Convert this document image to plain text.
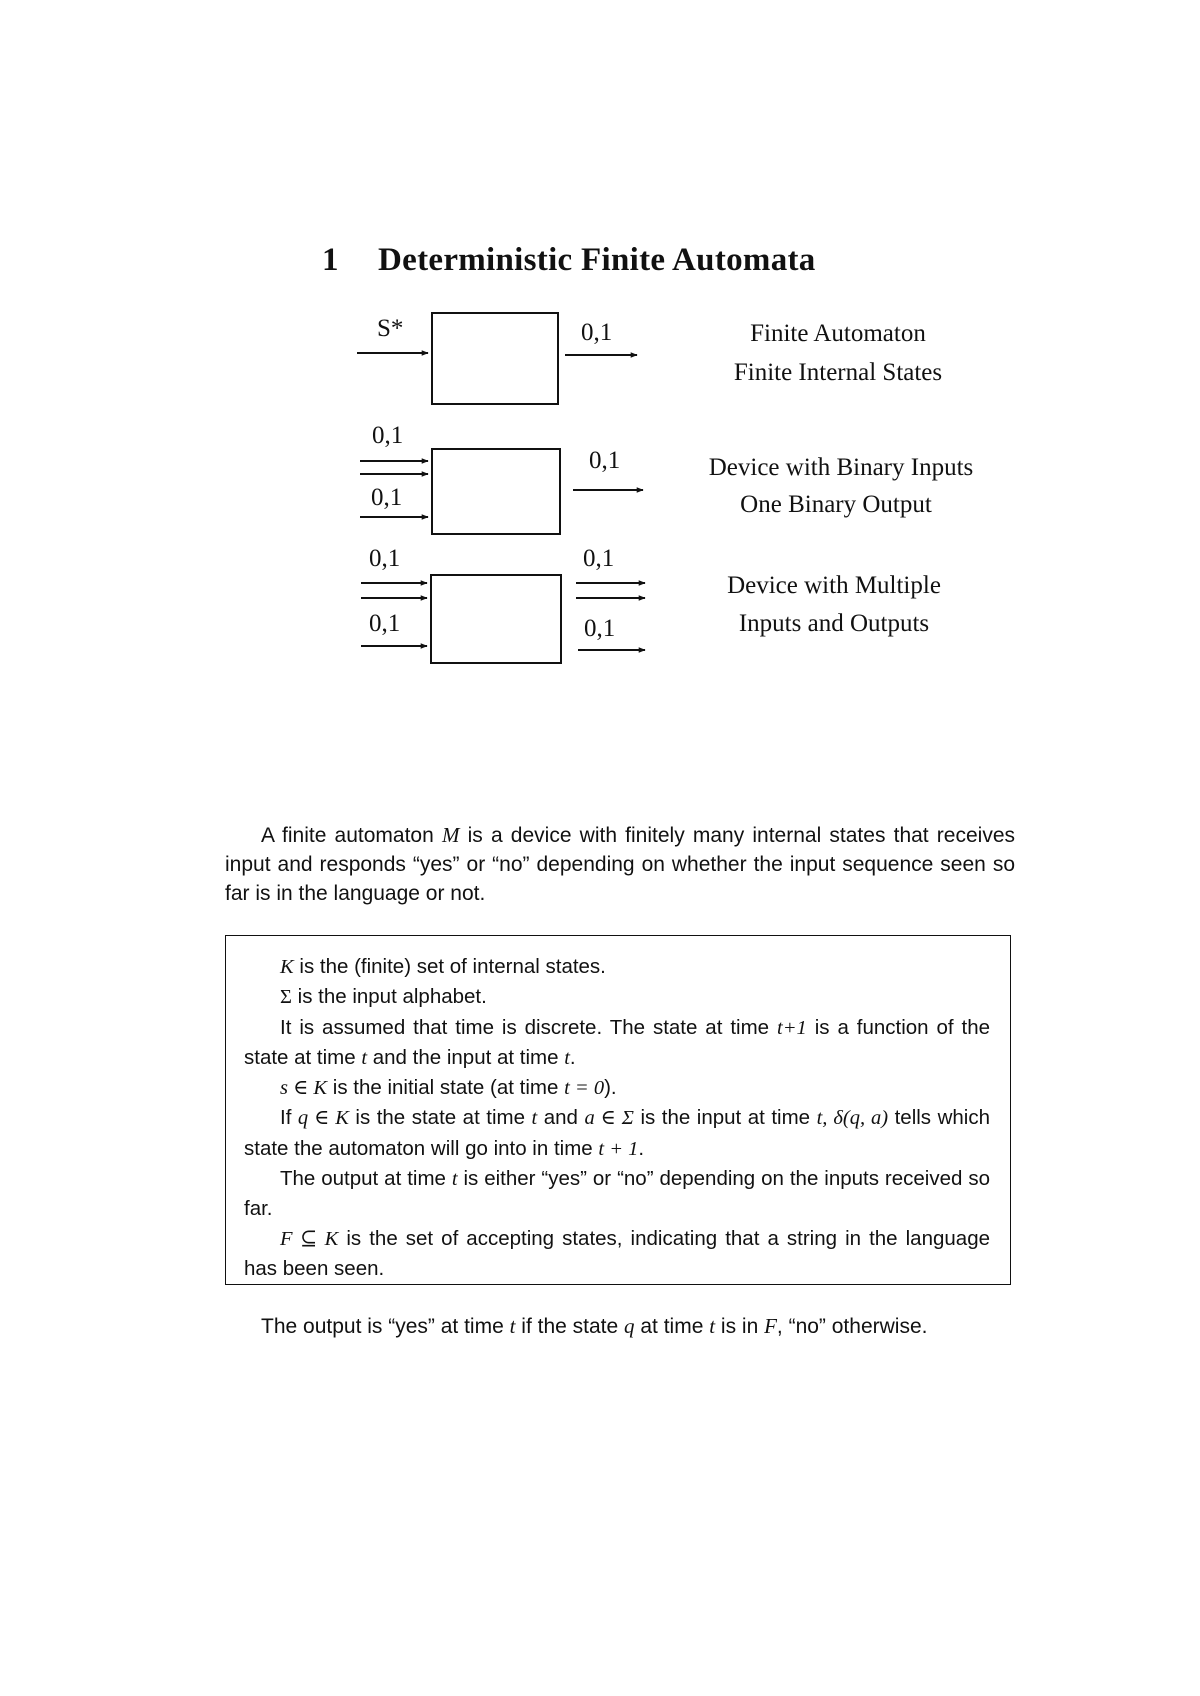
1 Deterministic Finite Automata
S*	0,1	Finite Automaton
Finite Internal States
0,1
0,1
0,1	Device with Binary Inputs
One Binary Output
0,1
0,1
0,1
0,1
Device with Multiple
Inputs and Outputs

A finite automaton M is a device with finitely many internal states that receives input and responds “yes” or “no” depending on whether the input sequence seen so far is in the language or not.

K is the (finite) set of internal states.
Σ is the input alphabet.
It is assumed that time is discrete. The state at time t+1 is a function of the state at time t and the input at time t.
s ∈ K is the initial state (at time t = 0).
If q ∈ K is the state at time t and a ∈ Σ is the input at time t, δ(q, a) tells which state the automaton will go into in time t + 1.
The output at time t is either “yes” or “no” depending on the inputs received so far.
F ⊆ K is the set of accepting states, indicating that a string in the language has been seen.

The output is “yes” at time t if the state q at time t is in F, “no” otherwise.
